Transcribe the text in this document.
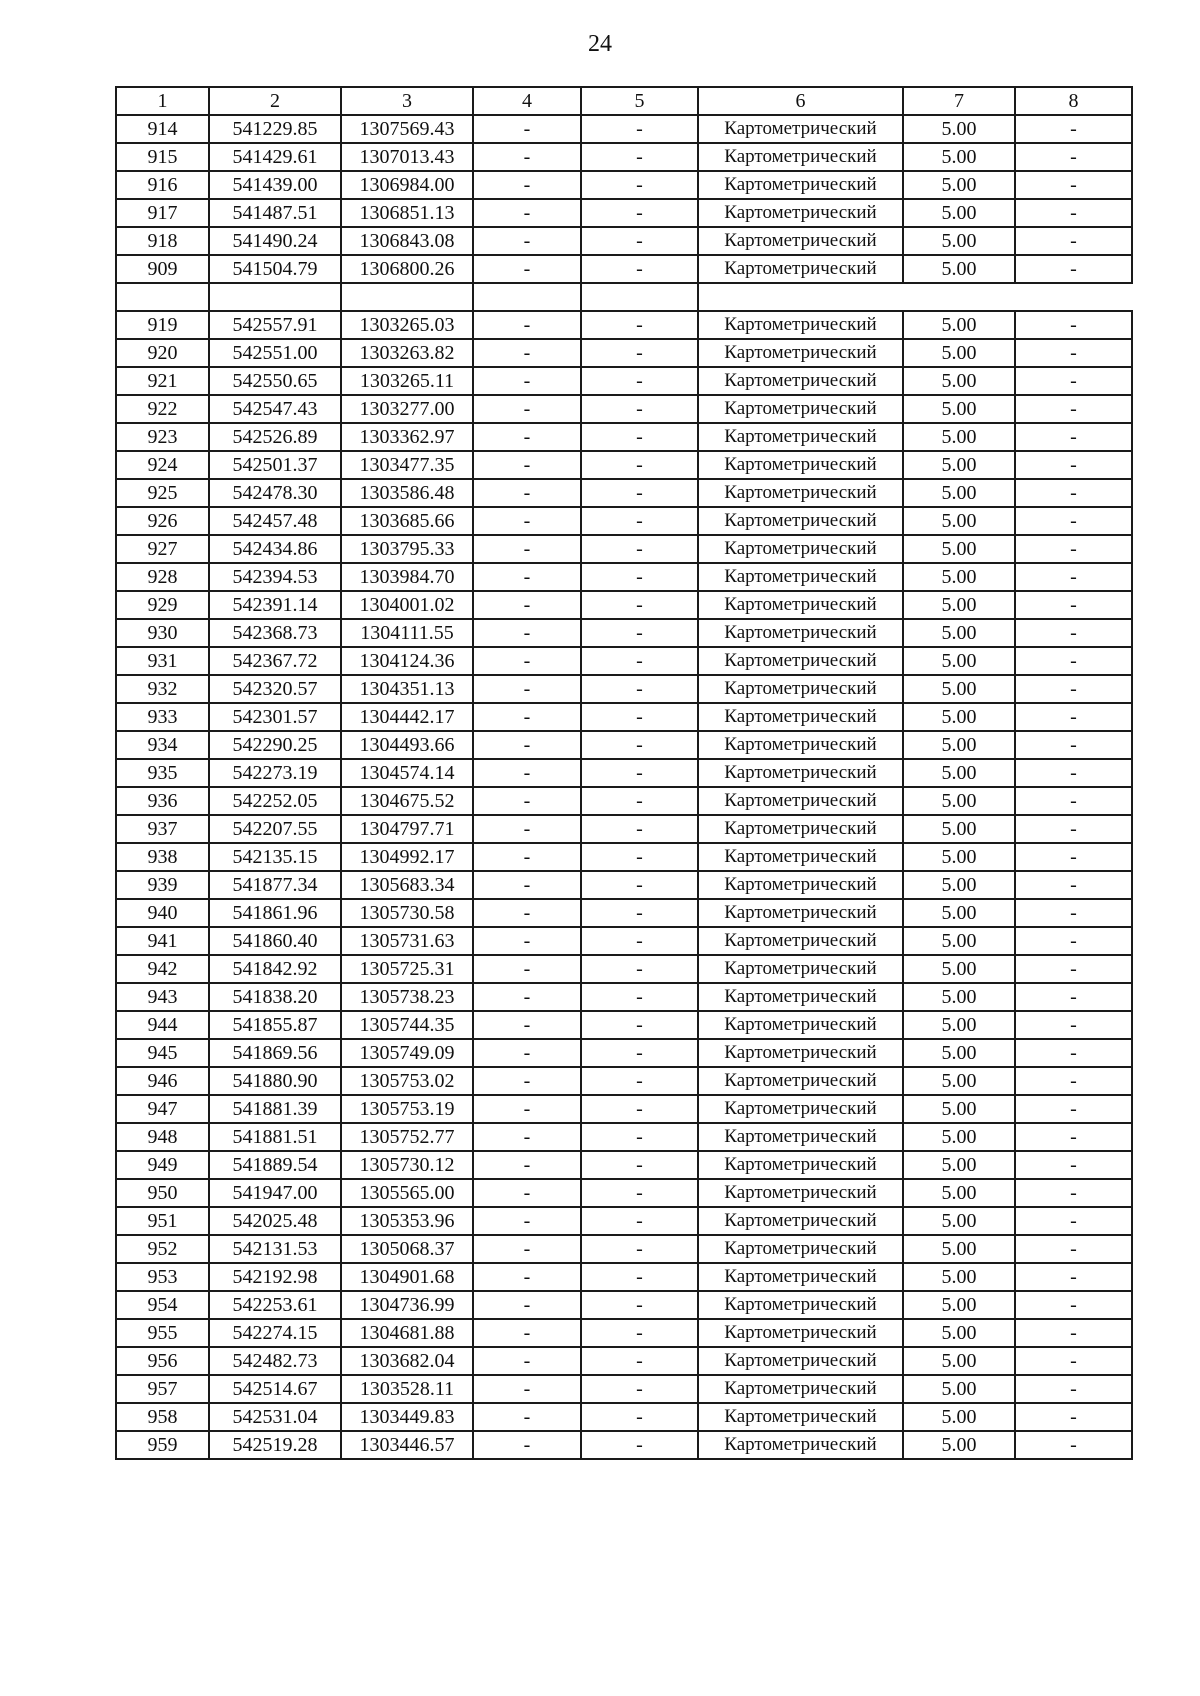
24
1	2	3	4	5	6	7	8
914	541229.85	1307569.43	-	-	Картометрический	5.00	-
915	541429.61	1307013.43	-	-	Картометрический	5.00	-
916	541439.00	1306984.00	-	-	Картометрический	5.00	-
917	541487.51	1306851.13	-	-	Картометрический	5.00	-
918	541490.24	1306843.08	-	-	Картометрический	5.00	-
909	541504.79	1306800.26	-	-	Картометрический	5.00	-

919	542557.91	1303265.03	-	-	Картометрический	5.00	-
920	542551.00	1303263.82	-	-	Картометрический	5.00	-
921	542550.65	1303265.11	-	-	Картометрический	5.00	-
922	542547.43	1303277.00	-	-	Картометрический	5.00	-
923	542526.89	1303362.97	-	-	Картометрический	5.00	-
924	542501.37	1303477.35	-	-	Картометрический	5.00	-
925	542478.30	1303586.48	-	-	Картометрический	5.00	-
926	542457.48	1303685.66	-	-	Картометрический	5.00	-
927	542434.86	1303795.33	-	-	Картометрический	5.00	-
928	542394.53	1303984.70	-	-	Картометрический	5.00	-
929	542391.14	1304001.02	-	-	Картометрический	5.00	-
930	542368.73	1304111.55	-	-	Картометрический	5.00	-
931	542367.72	1304124.36	-	-	Картометрический	5.00	-
932	542320.57	1304351.13	-	-	Картометрический	5.00	-
933	542301.57	1304442.17	-	-	Картометрический	5.00	-
934	542290.25	1304493.66	-	-	Картометрический	5.00	-
935	542273.19	1304574.14	-	-	Картометрический	5.00	-
936	542252.05	1304675.52	-	-	Картометрический	5.00	-
937	542207.55	1304797.71	-	-	Картометрический	5.00	-
938	542135.15	1304992.17	-	-	Картометрический	5.00	-
939	541877.34	1305683.34	-	-	Картометрический	5.00	-
940	541861.96	1305730.58	-	-	Картометрический	5.00	-
941	541860.40	1305731.63	-	-	Картометрический	5.00	-
942	541842.92	1305725.31	-	-	Картометрический	5.00	-
943	541838.20	1305738.23	-	-	Картометрический	5.00	-
944	541855.87	1305744.35	-	-	Картометрический	5.00	-
945	541869.56	1305749.09	-	-	Картометрический	5.00	-
946	541880.90	1305753.02	-	-	Картометрический	5.00	-
947	541881.39	1305753.19	-	-	Картометрический	5.00	-
948	541881.51	1305752.77	-	-	Картометрический	5.00	-
949	541889.54	1305730.12	-	-	Картометрический	5.00	-
950	541947.00	1305565.00	-	-	Картометрический	5.00	-
951	542025.48	1305353.96	-	-	Картометрический	5.00	-
952	542131.53	1305068.37	-	-	Картометрический	5.00	-
953	542192.98	1304901.68	-	-	Картометрический	5.00	-
954	542253.61	1304736.99	-	-	Картометрический	5.00	-
955	542274.15	1304681.88	-	-	Картометрический	5.00	-
956	542482.73	1303682.04	-	-	Картометрический	5.00	-
957	542514.67	1303528.11	-	-	Картометрический	5.00	-
958	542531.04	1303449.83	-	-	Картометрический	5.00	-
959	542519.28	1303446.57	-	-	Картометрический	5.00	-
